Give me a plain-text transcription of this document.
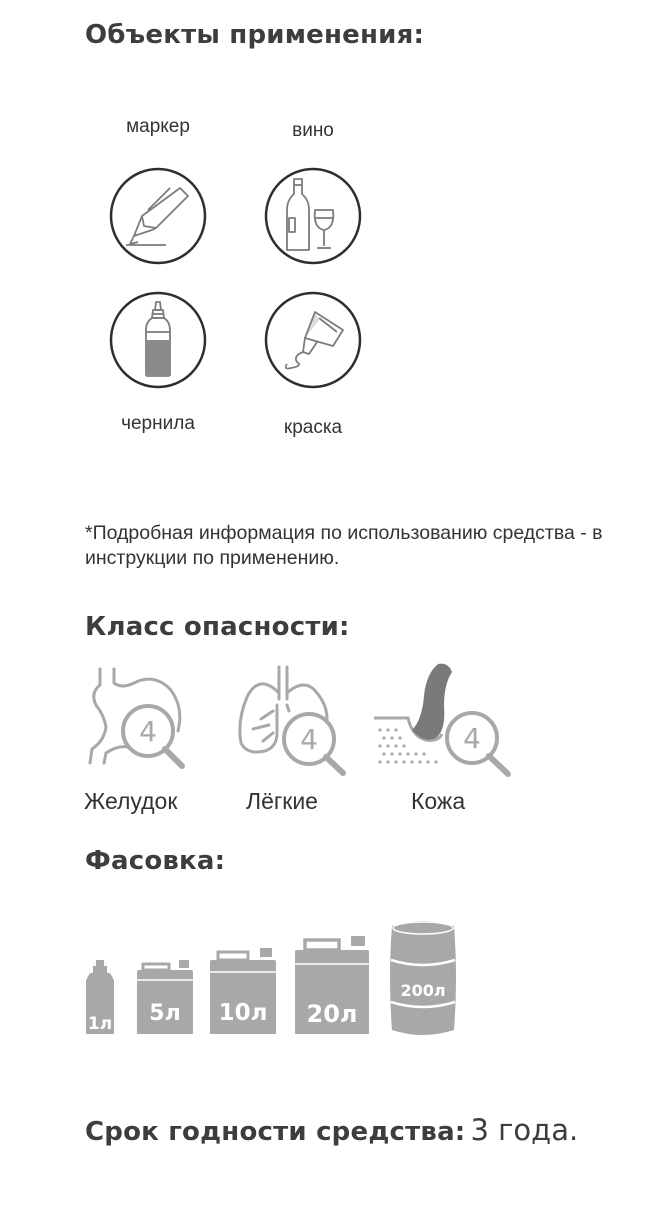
Объекты применения:
маркер	вино
чернила	краска
*Подробная информация по использованию средства - в инструкции по применению.
Класс опасности:
4	4	4
Желудок	Лёгкие	Кожа
Фасовка:
1л 5л 10л 20л
200л
Срок годности средства: 3 года.
